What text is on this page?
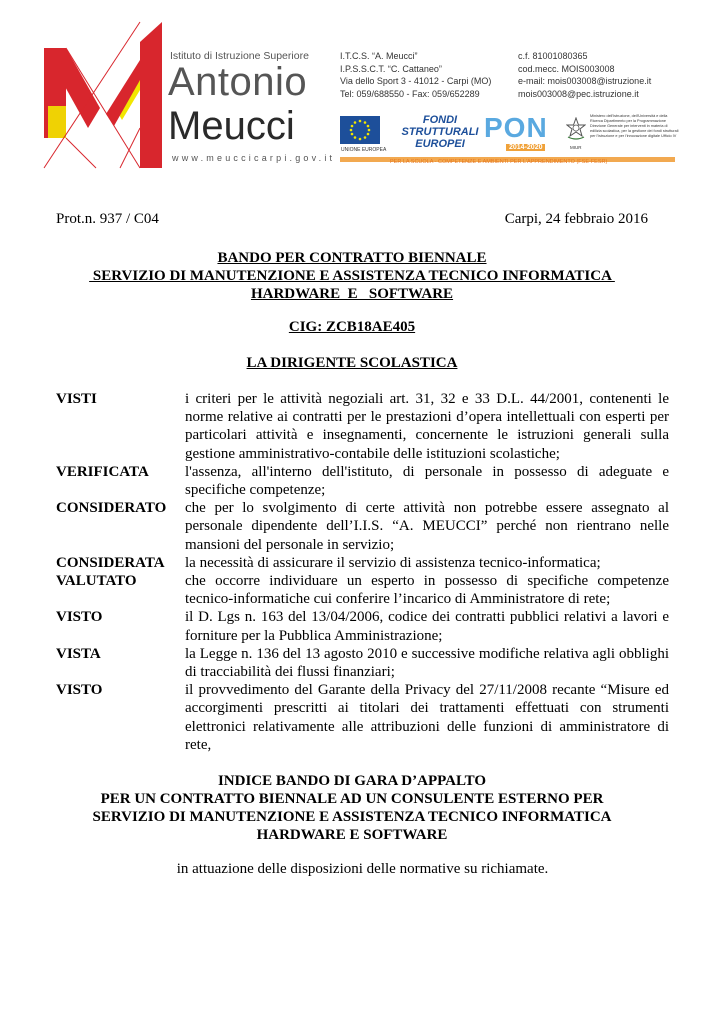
Istituto di Istruzione Superiore
Antonio
Meucci
www.meuccicarpi.gov.it
I.T.C.S. “A. Meucci”
I.P.S.S.C.T. “C. Cattaneo”
Via dello Sport 3 - 41012 - Carpi (MO)
Tel: 059/688550 - Fax: 059/652289
c.f. 81001080365
cod.mecc. MOIS003008
e-mail: mois003008@istruzione.it
mois003008@pec.istruzione.it
UNIONE EUROPEA
FONDI
STRUTTURALI
EUROPEI
PON
2014-2020	MIUR
Ministero dell'Istruzione, dell'Università e della Ricerca Dipartimento per la Programmazione Direzione Generale per interventi in materia di edilizia scolastica, per la gestione dei fondi strutturali per l'istruzione e per l'innovazione digitale Ufficio IV
PER LA SCUOLA - COMPETENZE E AMBIENTI PER L'APPRENDIMENTO (FSE-FESR)
Prot.n. 937 / C04	Carpi, 24 febbraio 2016
BANDO PER CONTRATTO BIENNALE
SERVIZIO DI MANUTENZIONE E ASSISTENZA TECNICO INFORMATICA
HARDWARE  E   SOFTWARE
CIG: ZCB18AE405
LA DIRIGENTE SCOLASTICA
VISTI	i criteri per le attività negoziali art. 31, 32 e 33 D.L. 44/2001, contenenti le norme relative ai contratti per le prestazioni d’opera intellettuali con esperti per particolari attività e insegnamenti, concernente le istruzioni generali sulla gestione amministrativo-contabile delle istituzioni scolastiche;
VERIFICATA	l'assenza, all'interno dell'istituto, di personale in possesso di adeguate e specifiche competenze;
CONSIDERATO	che per lo svolgimento di certe attività non potrebbe essere assegnato al personale dipendente dell’I.I.S. “A. MEUCCI” perché non rientrano nelle mansioni del personale in servizio;
CONSIDERATA	la necessità di assicurare il servizio di assistenza tecnico-informatica;
VALUTATO	che occorre individuare un esperto in possesso di specifiche competenze tecnico-informatiche cui conferire l’incarico di Amministratore di rete;
VISTO	il D. Lgs n. 163 del 13/04/2006, codice dei contratti pubblici relativi a lavori e forniture per la Pubblica Amministrazione;
VISTA	la Legge n. 136 del 13 agosto 2010 e successive modifiche relativa agli obblighi di tracciabilità dei flussi finanziari;
VISTO	il provvedimento del Garante della Privacy del 27/11/2008 recante “Misure ed accorgimenti prescritti ai titolari dei trattamenti effettuati con strumenti elettronici relativamente alle attribuzioni delle funzioni di amministratore di rete,
INDICE BANDO DI GARA D’APPALTO
PER UN CONTRATTO BIENNALE AD UN CONSULENTE ESTERNO PER
SERVIZIO DI MANUTENZIONE E ASSISTENZA TECNICO INFORMATICA
HARDWARE E SOFTWARE
in attuazione delle disposizioni delle normative su richiamate.
